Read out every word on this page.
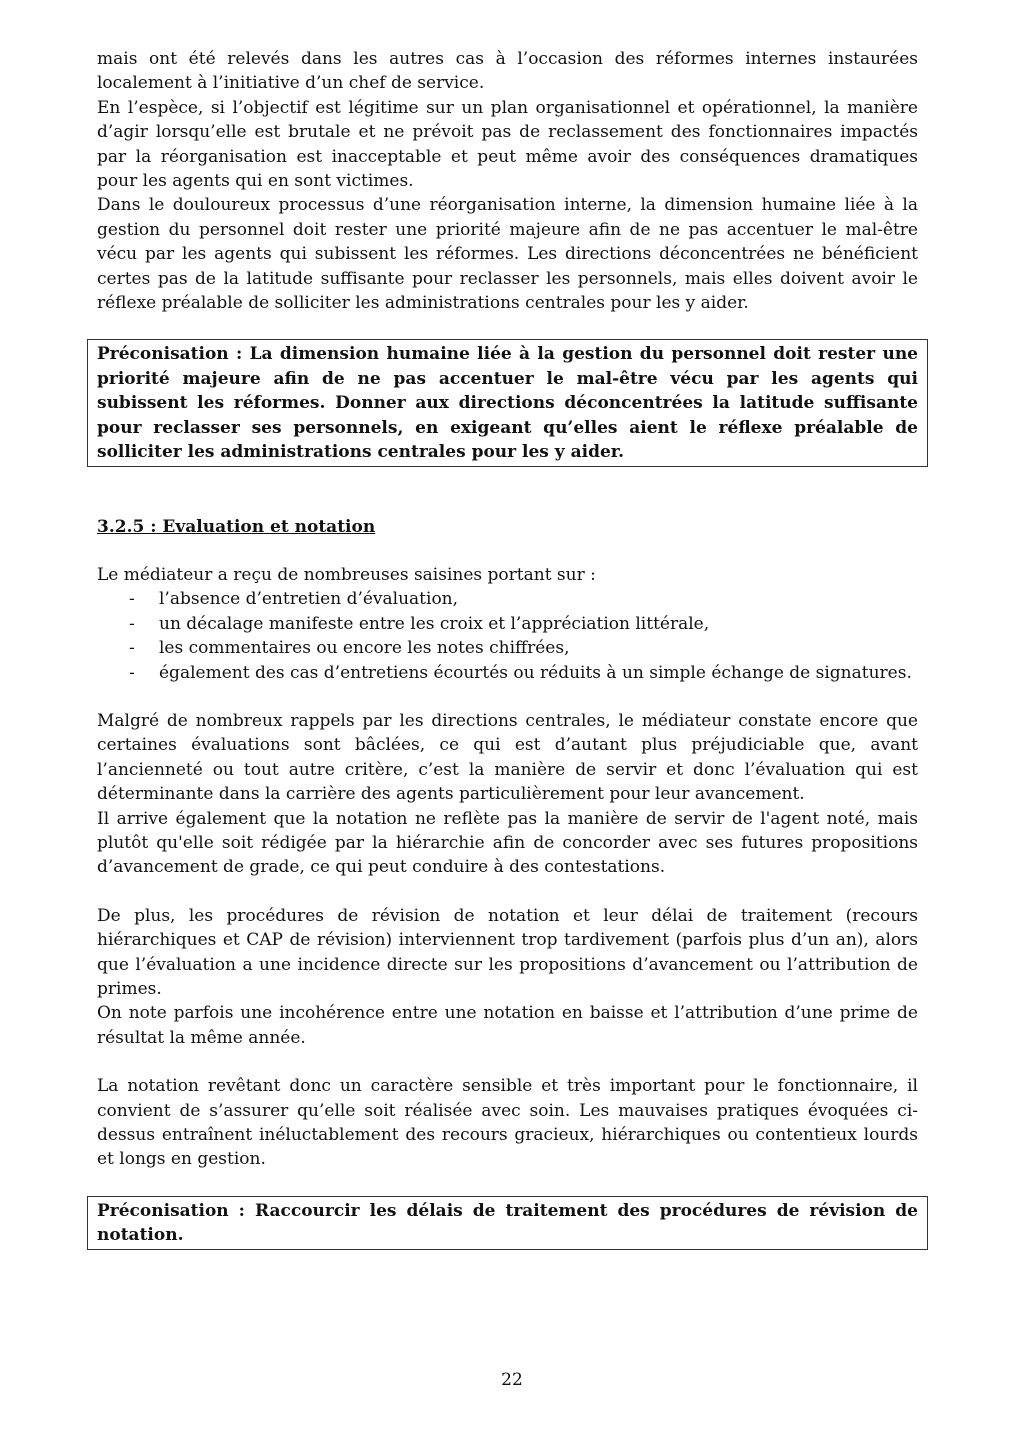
mais ont été relevés dans les autres cas à l’occasion des réformes internes instaurées localement à l’initiative d’un chef de service.

En l’espèce, si l’objectif est légitime sur un plan organisationnel et opérationnel, la manière d’agir lorsqu’elle est brutale et ne prévoit pas de reclassement des fonctionnaires impactés par la réorganisation est inacceptable et peut même avoir des conséquences dramatiques pour les agents qui en sont victimes.

Dans le douloureux processus d’une réorganisation interne, la dimension humaine liée à la gestion du personnel doit rester une priorité majeure afin de ne pas accentuer le mal-être vécu par les agents qui subissent les réformes. Les directions déconcentrées ne bénéficient certes pas de la latitude suffisante pour reclasser les personnels, mais elles doivent avoir le réflexe préalable de solliciter les administrations centrales pour les y aider.

Préconisation : La dimension humaine liée à la gestion du personnel doit rester une priorité majeure afin de ne pas accentuer le mal-être vécu par les agents qui subissent les réformes. Donner aux directions déconcentrées la latitude suffisante pour reclasser ses personnels, en exigeant qu’elles aient le réflexe préalable de solliciter les administrations centrales pour les y aider.

3.2.5 : Evaluation et notation

Le médiateur a reçu de nombreuses saisines portant sur :

- l’absence d’entretien d’évaluation,
- un décalage manifeste entre les croix et l’appréciation littérale,
- les commentaires ou encore les notes chiffrées,
- également des cas d’entretiens écourtés ou réduits à un simple échange de signatures.

Malgré de nombreux rappels par les directions centrales, le médiateur constate encore que certaines évaluations sont bâclées, ce qui est d’autant plus préjudiciable que, avant l’ancienneté ou tout autre critère, c’est la manière de servir et donc l’évaluation qui est déterminante dans la carrière des agents particulièrement pour leur avancement.

Il arrive également que la notation ne reflète pas la manière de servir de l'agent noté, mais plutôt qu'elle soit rédigée par la hiérarchie afin de concorder avec ses futures propositions d’avancement de grade, ce qui peut conduire à des contestations.

De plus, les procédures de révision de notation et leur délai de traitement (recours hiérarchiques et CAP de révision) interviennent trop tardivement (parfois plus d’un an), alors que l’évaluation a une incidence directe sur les propositions d’avancement ou l’attribution de primes.

On note parfois une incohérence entre une notation en baisse et l’attribution d’une prime de résultat la même année.

La notation revêtant donc un caractère sensible et très important pour le fonctionnaire, il convient de s’assurer qu’elle soit réalisée avec soin. Les mauvaises pratiques évoquées ci-dessus entraînent inéluctablement des recours gracieux, hiérarchiques ou contentieux lourds et longs en gestion.

Préconisation : Raccourcir les délais de traitement des procédures de révision de notation.

22
